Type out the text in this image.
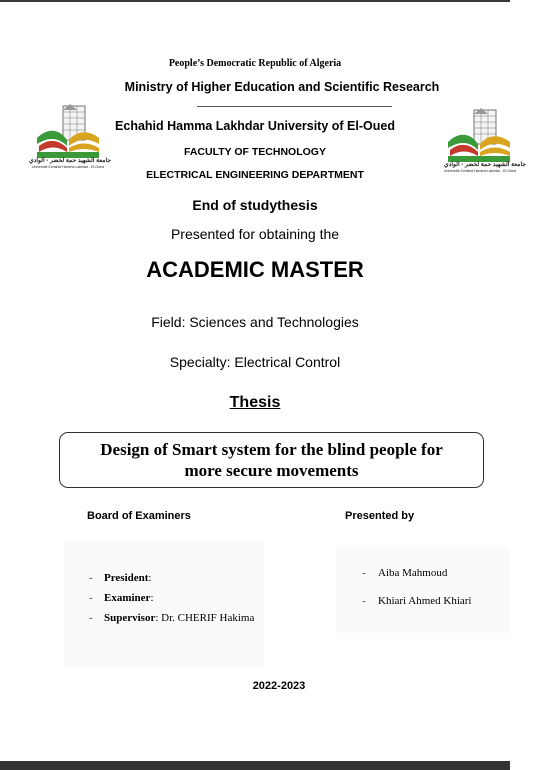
جامعة الشهيد حمة لخضر - الوادي
Université Echahid Hamma Lakhdar - El-Oued	جامعة الشهيد حمة لخضر - الوادي
Université Echahid Hamma Lakhdar - El-Oued
People’s Democratic Republic of Algeria
Ministry of Higher Education and Scientific Research
Echahid Hamma Lakhdar University of El-Oued
FACULTY OF TECHNOLOGY
ELECTRICAL ENGINEERING DEPARTMENT
End of studythesis
Presented for obtaining the
ACADEMIC MASTER
Field: Sciences and Technologies
Specialty: Electrical Control
Thesis
Design of Smart system for the blind people for
more secure movements
Board of Examiners	Presented by
- President:
- Examiner:
- Supervisor: Dr. CHERIF Hakima
- Aiba Mahmoud
- Khiari Ahmed Khiari
2022-2023
